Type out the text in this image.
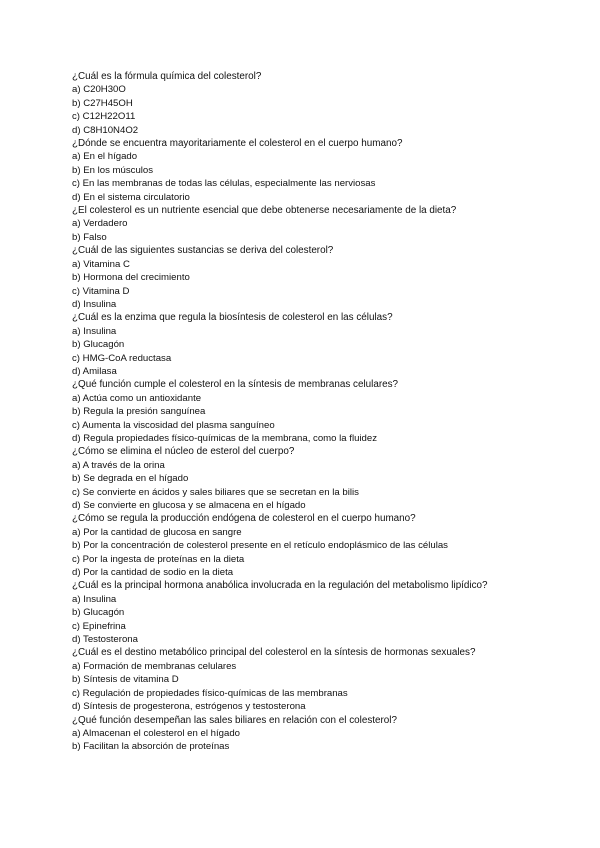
¿Cuál es la fórmula química del colesterol?
a) C20H30O
b) C27H45OH
c) C12H22O11
d) C8H10N4O2
¿Dónde se encuentra mayoritariamente el colesterol en el cuerpo humano?
a) En el hígado
b) En los músculos
c) En las membranas de todas las células, especialmente las nerviosas
d) En el sistema circulatorio
¿El colesterol es un nutriente esencial que debe obtenerse necesariamente de la dieta?
a) Verdadero
b) Falso
¿Cuál de las siguientes sustancias se deriva del colesterol?
a) Vitamina C
b) Hormona del crecimiento
c) Vitamina D
d) Insulina
¿Cuál es la enzima que regula la biosíntesis de colesterol en las células?
a) Insulina
b) Glucagón
c) HMG-CoA reductasa
d) Amilasa
¿Qué función cumple el colesterol en la síntesis de membranas celulares?
a) Actúa como un antioxidante
b) Regula la presión sanguínea
c) Aumenta la viscosidad del plasma sanguíneo
d) Regula propiedades físico-químicas de la membrana, como la fluidez
¿Cómo se elimina el núcleo de esterol del cuerpo?
a) A través de la orina
b) Se degrada en el hígado
c) Se convierte en ácidos y sales biliares que se secretan en la bilis
d) Se convierte en glucosa y se almacena en el hígado
¿Cómo se regula la producción endógena de colesterol en el cuerpo humano?
a) Por la cantidad de glucosa en sangre
b) Por la concentración de colesterol presente en el retículo endoplásmico de las células
c) Por la ingesta de proteínas en la dieta
d) Por la cantidad de sodio en la dieta
¿Cuál es la principal hormona anabólica involucrada en la regulación del metabolismo lipídico?
a) Insulina
b) Glucagón
c) Epinefrina
d) Testosterona
¿Cuál es el destino metabólico principal del colesterol en la síntesis de hormonas sexuales?
a) Formación de membranas celulares
b) Síntesis de vitamina D
c) Regulación de propiedades físico-químicas de las membranas
d) Síntesis de progesterona, estrógenos y testosterona
¿Qué función desempeñan las sales biliares en relación con el colesterol?
a) Almacenan el colesterol en el hígado
b) Facilitan la absorción de proteínas
